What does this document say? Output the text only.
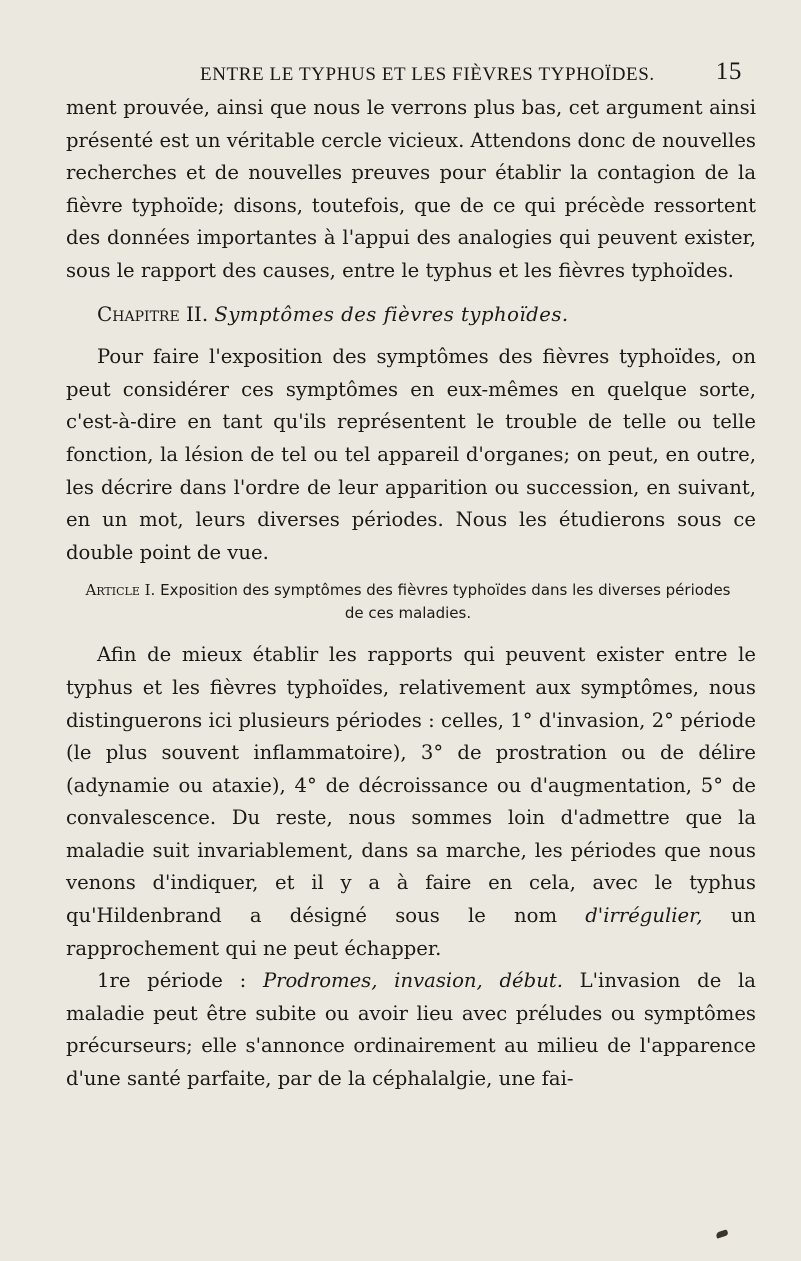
ENTRE LE TYPHUS ET LES FIÈVRES TYPHOÏDES. 15

ment prouvée, ainsi que nous le verrons plus bas, cet argument ainsi présenté est un véritable cercle vicieux. Attendons donc de nouvelles recherches et de nouvelles preuves pour établir la contagion de la fièvre typhoïde; disons, toutefois, que de ce qui précède ressortent des données importantes à l'appui des analogies qui peuvent exister, sous le rapport des causes, entre le typhus et les fièvres typhoïdes.

Chapitre II. Symptômes des fièvres typhoïdes.

Pour faire l'exposition des symptômes des fièvres typhoïdes, on peut considérer ces symptômes en eux-mêmes en quelque sorte, c'est-à-dire en tant qu'ils représentent le trouble de telle ou telle fonction, la lésion de tel ou tel appareil d'organes; on peut, en outre, les décrire dans l'ordre de leur apparition ou succession, en suivant, en un mot, leurs diverses périodes. Nous les étudierons sous ce double point de vue.

Article I. Exposition des symptômes des fièvres typhoïdes dans les diverses périodes de ces maladies.

Afin de mieux établir les rapports qui peuvent exister entre le typhus et les fièvres typhoïdes, relativement aux symptômes, nous distinguerons ici plusieurs périodes : celles, 1° d'invasion, 2° période (le plus souvent inflammatoire), 3° de prostration ou de délire (adynamie ou ataxie), 4° de décroissance ou d'augmentation, 5° de convalescence. Du reste, nous sommes loin d'admettre que la maladie suit invariablement, dans sa marche, les périodes que nous venons d'indiquer, et il y a à faire en cela, avec le typhus qu'Hildenbrand a désigné sous le nom d'irrégulier, un rapprochement qui ne peut échapper.

1re période : Prodromes, invasion, début. L'invasion de la maladie peut être subite ou avoir lieu avec préludes ou symptômes précurseurs; elle s'annonce ordinairement au milieu de l'apparence d'une santé parfaite, par de la céphalalgie, une fai-
